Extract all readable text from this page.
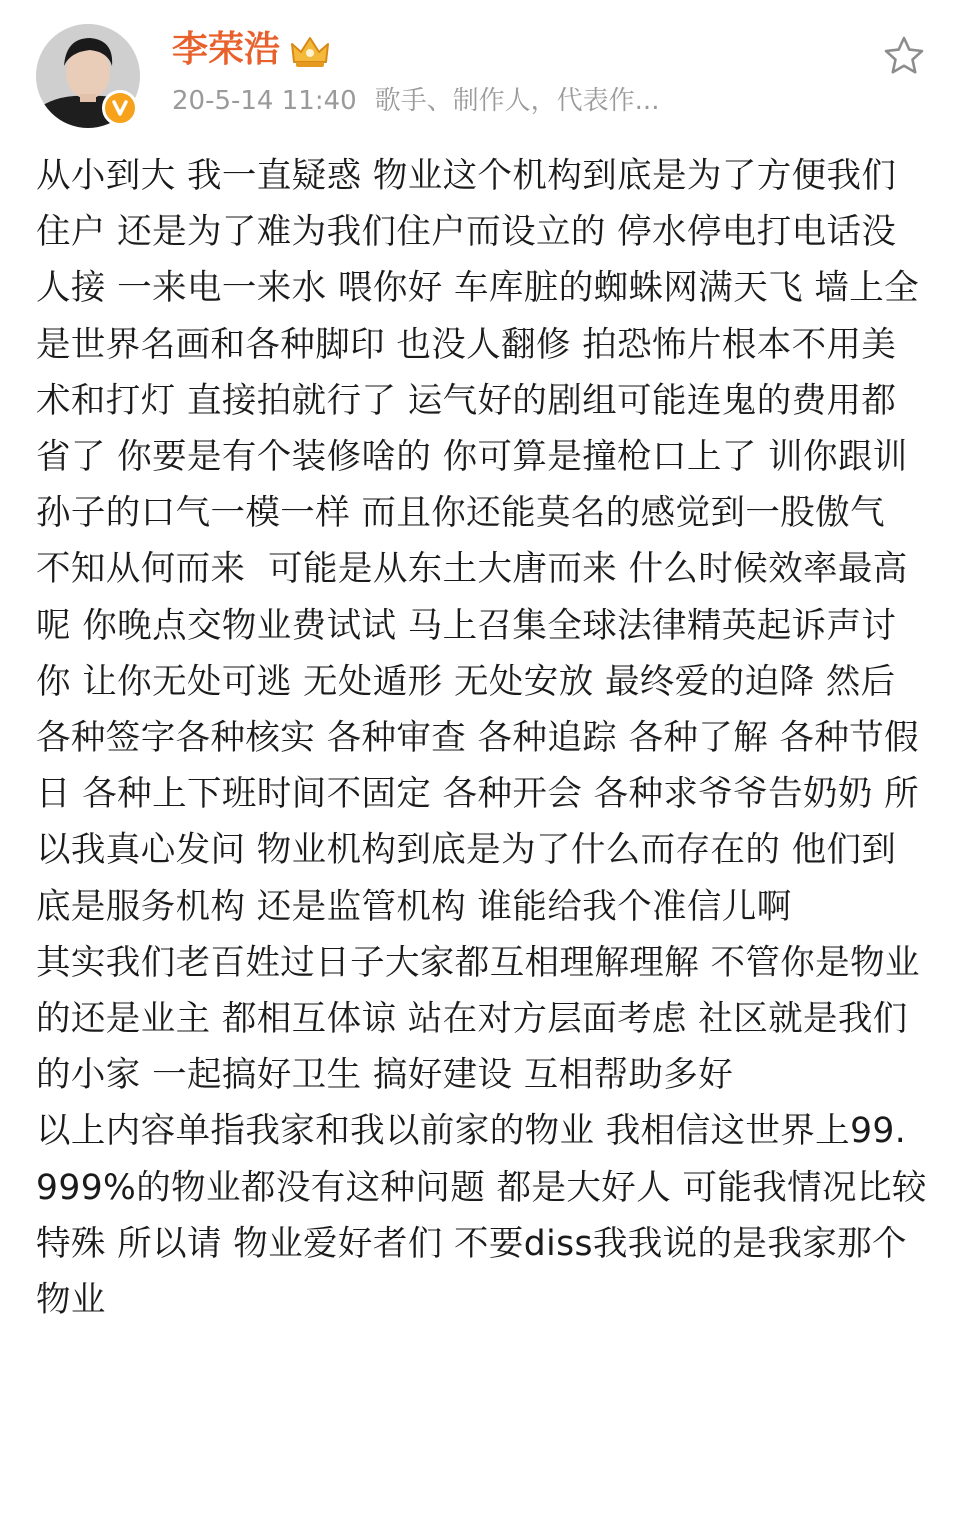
李荣浩
20-5-14 11:40 歌手、制作人，代表作...

从小到大 我一直疑惑 物业这个机构到底是为了方便我们住户 还是为了难为我们住户而设立的 停水停电打电话没人接 一来电一来水 喂你好 车库脏的蜘蛛网满天飞 墙上全是世界名画和各种脚印 也没人翻修 拍恐怖片根本不用美术和打灯 直接拍就行了 运气好的剧组可能连鬼的费用都省了 你要是有个装修啥的 你可算是撞枪口上了 训你跟训孙子的口气一模一样 而且你还能莫名的感觉到一股傲气 不知从何而来  可能是从东土大唐而来 什么时候效率最高呢 你晚点交物业费试试 马上召集全球法律精英起诉声讨你 让你无处可逃 无处遁形 无处安放 最终爱的迫降 然后各种签字各种核实 各种审查 各种追踪 各种了解 各种节假日 各种上下班时间不固定 各种开会 各种求爷爷告奶奶 所以我真心发问 物业机构到底是为了什么而存在的 他们到底是服务机构 还是监管机构 谁能给我个准信儿啊

其实我们老百姓过日子大家都互相理解理解 不管你是物业的还是业主 都相互体谅 站在对方层面考虑 社区就是我们的小家 一起搞好卫生 搞好建设 互相帮助多好

以上内容单指我家和我以前家的物业 我相信这世界上99.999%的物业都没有这种问题 都是大好人 可能我情况比较特殊 所以请 物业爱好者们 不要diss我我说的是我家那个物业
